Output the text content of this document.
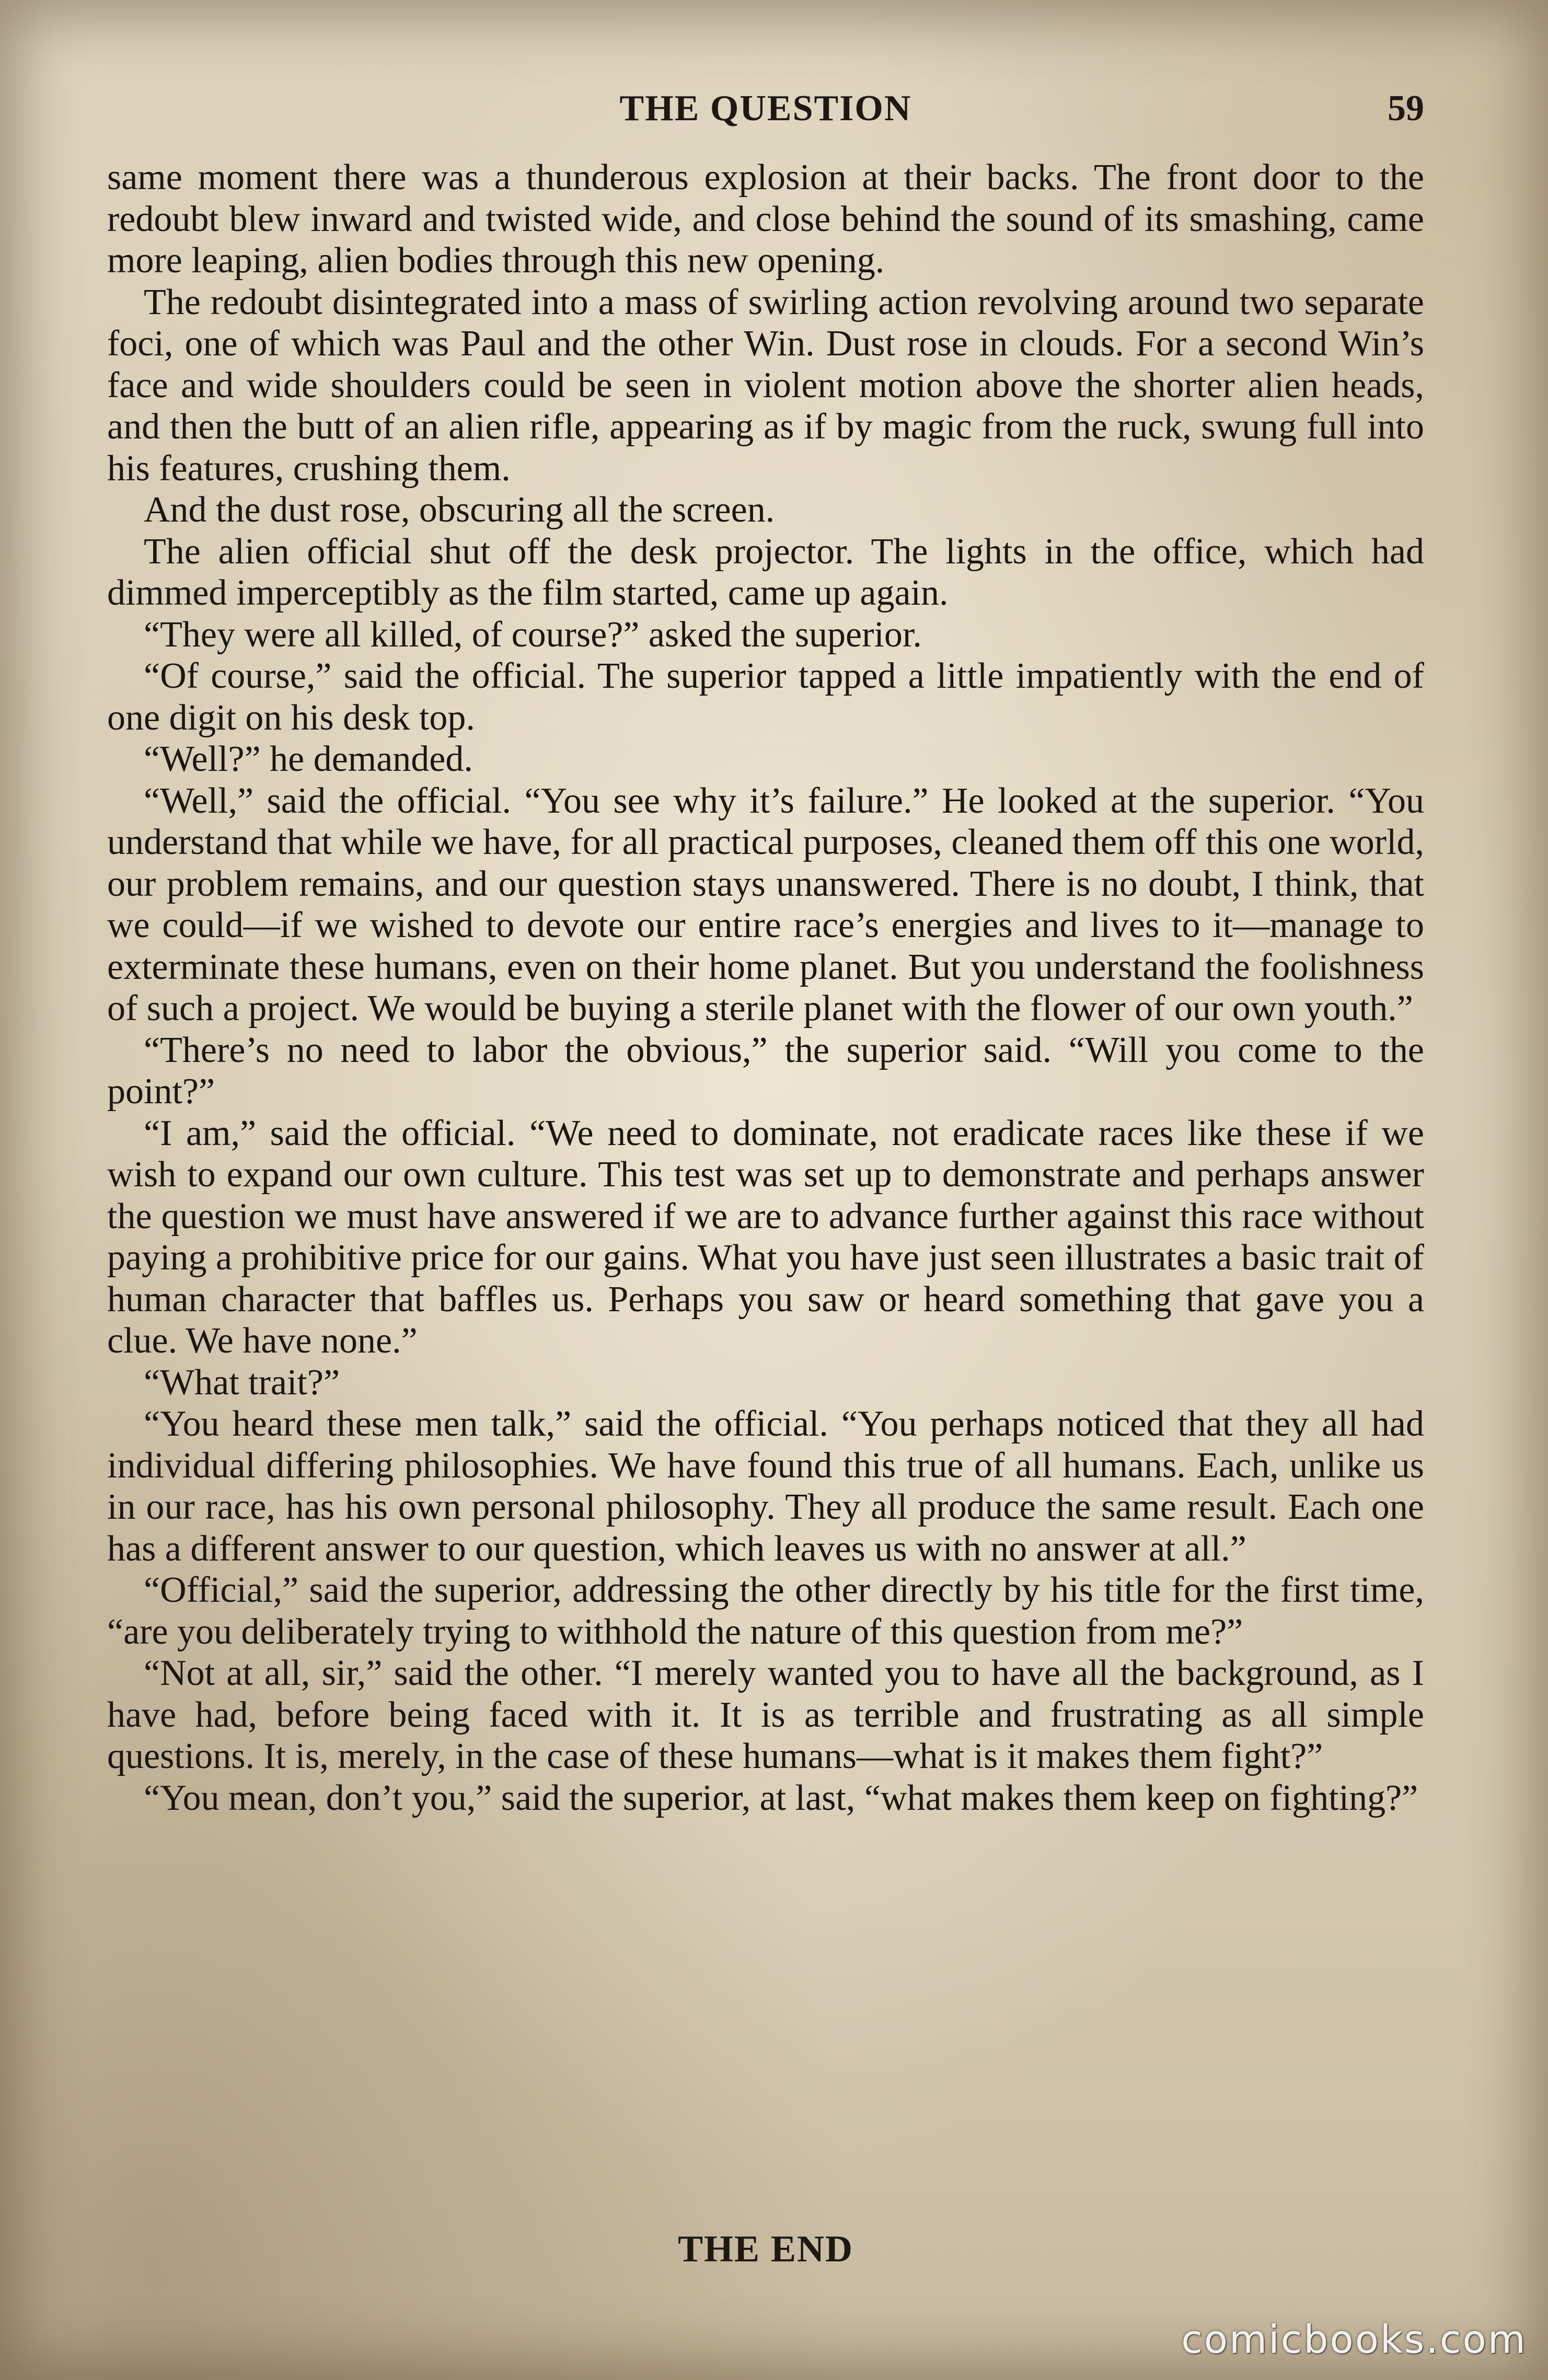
THE QUESTION	59

same moment there was a thunderous explosion at their backs. The front door to the redoubt blew inward and twisted wide, and close behind the sound of its smashing, came more leaping, alien bodies through this new opening.

The redoubt disintegrated into a mass of swirling action revolving around two separate foci, one of which was Paul and the other Win. Dust rose in clouds. For a second Win’s face and wide shoulders could be seen in violent motion above the shorter alien heads, and then the butt of an alien rifle, appearing as if by magic from the ruck, swung full into his features, crushing them.

And the dust rose, obscuring all the screen.

The alien official shut off the desk projector. The lights in the office, which had dimmed imperceptibly as the film started, came up again.

“They were all killed, of course?” asked the superior.

“Of course,” said the official. The superior tapped a little impatiently with the end of one digit on his desk top.

“Well?” he demanded.

“Well,” said the official. “You see why it’s failure.” He looked at the superior. “You understand that while we have, for all practical purposes, cleaned them off this one world, our problem remains, and our question stays unanswered. There is no doubt, I think, that we could—if we wished to devote our entire race’s energies and lives to it—manage to exterminate these humans, even on their home planet. But you understand the foolishness of such a project. We would be buying a sterile planet with the flower of our own youth.”

“There’s no need to labor the obvious,” the superior said. “Will you come to the point?”

“I am,” said the official. “We need to dominate, not eradicate races like these if we wish to expand our own culture. This test was set up to demonstrate and perhaps answer the question we must have answered if we are to advance further against this race without paying a prohibitive price for our gains. What you have just seen illustrates a basic trait of human character that baffles us. Perhaps you saw or heard something that gave you a clue. We have none.”

“What trait?”

“You heard these men talk,” said the official. “You perhaps noticed that they all had individual differing philosophies. We have found this true of all humans. Each, unlike us in our race, has his own personal philosophy. They all produce the same result. Each one has a different answer to our question, which leaves us with no answer at all.”

“Official,” said the superior, addressing the other directly by his title for the first time, “are you deliberately trying to withhold the nature of this question from me?”

“Not at all, sir,” said the other. “I merely wanted you to have all the background, as I have had, before being faced with it. It is as terrible and frustrating as all simple questions. It is, merely, in the case of these humans—what is it makes them fight?”

“You mean, don’t you,” said the superior, at last, “what makes them keep on fighting?”

THE END
comicbooks.com
